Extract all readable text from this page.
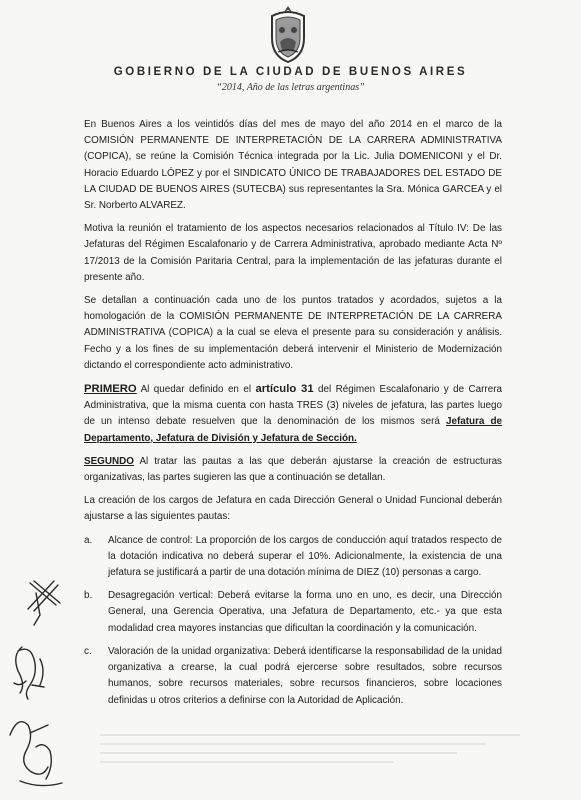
GOBIERNO DE LA CIUDAD DE BUENOS AIRES
“2014, Año de las letras argentinas”

En Buenos Aires a los veintidós días del mes de mayo del año 2014 en el marco de la COMISIÓN PERMANENTE DE INTERPRETACIÓN DE LA CARRERA ADMINISTRATIVA (COPICA), se reúne la Comisión Técnica integrada por la Lic. Julia DOMENICONI y el Dr. Horacio Eduardo LÓPEZ y por el SINDICATO ÚNICO DE TRABAJADORES DEL ESTADO DE LA CIUDAD DE BUENOS AIRES (SUTECBA) sus representantes la Sra. Mónica GARCEA y el Sr. Norberto ALVAREZ.

Motiva la reunión el tratamiento de los aspectos necesarios relacionados al Título IV: De las Jefaturas del Régimen Escalafonario y de Carrera Administrativa, aprobado mediante Acta Nº 17/2013 de la Comisión Paritaria Central, para la implementación de las jefaturas durante el presente año.

Se detallan a continuación cada uno de los puntos tratados y acordados, sujetos a la homologación de la COMISIÓN PERMANENTE DE INTERPRETACIÓN DE LA CARRERA ADMINISTRATIVA (COPICA) a la cual se eleva el presente para su consideración y análisis. Fecho y a los fines de su implementación deberá intervenir el Ministerio de Modernización dictando el correspondiente acto administrativo.

PRIMERO Al quedar definido en el artículo 31 del Régimen Escalafonario y de Carrera Administrativa, que la misma cuenta con hasta TRES (3) niveles de jefatura, las partes luego de un intenso debate resuelven que la denominación de los mismos será Jefatura de Departamento, Jefatura de División y Jefatura de Sección.

SEGUNDO Al tratar las pautas a las que deberán ajustarse la creación de estructuras organizativas, las partes sugieren las que a continuación se detallan.

La creación de los cargos de Jefatura en cada Dirección General o Unidad Funcional deberán ajustarse a las siguientes pautas:

a.	Alcance de control: La proporción de los cargos de conducción aquí tratados respecto de la dotación indicativa no deberá superar el 10%. Adicionalmente, la existencia de una jefatura se justificará a partir de una dotación mínima de DIEZ (10) personas a cargo.
b.	Desagregación vertical: Deberá evitarse la forma uno en uno, es decir, una Dirección General, una Gerencia Operativa, una Jefatura de Departamento, etc.- ya que esta modalidad crea mayores instancias que dificultan la coordinación y la comunicación.
c.	Valoración de la unidad organizativa: Deberá identificarse la responsabilidad de la unidad organizativa a crearse, la cual podrá ejercerse sobre resultados, sobre recursos humanos, sobre recursos materiales, sobre recursos financieros, sobre locaciones definidas u otros criterios a definirse con la Autoridad de Aplicación.
